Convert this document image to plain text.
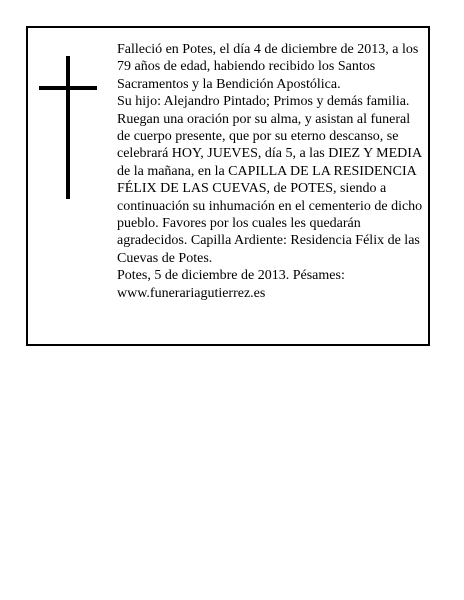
Falleció en Potes, el día 4 de diciembre de 2013, a los 79 años de edad, habiendo recibido los Santos Sacramentos y la Bendición Apostólica.

Su hijo: Alejandro Pintado; Primos y demás familia.

Ruegan una oración por su alma, y asistan al funeral de cuerpo presente, que por su eterno descanso, se celebrará HOY, JUEVES, día 5, a las DIEZ Y MEDIA de la mañana, en la CAPILLA DE LA RESIDENCIA FÉLIX DE LAS CUEVAS, de POTES, siendo a continuación su inhumación en el cementerio de dicho pueblo. Favores por los cuales les quedarán agradecidos. Capilla Ardiente: Residencia Félix de las Cuevas de Potes.

Potes, 5 de diciembre de 2013. Pésames: www.funerariagutierrez.es
